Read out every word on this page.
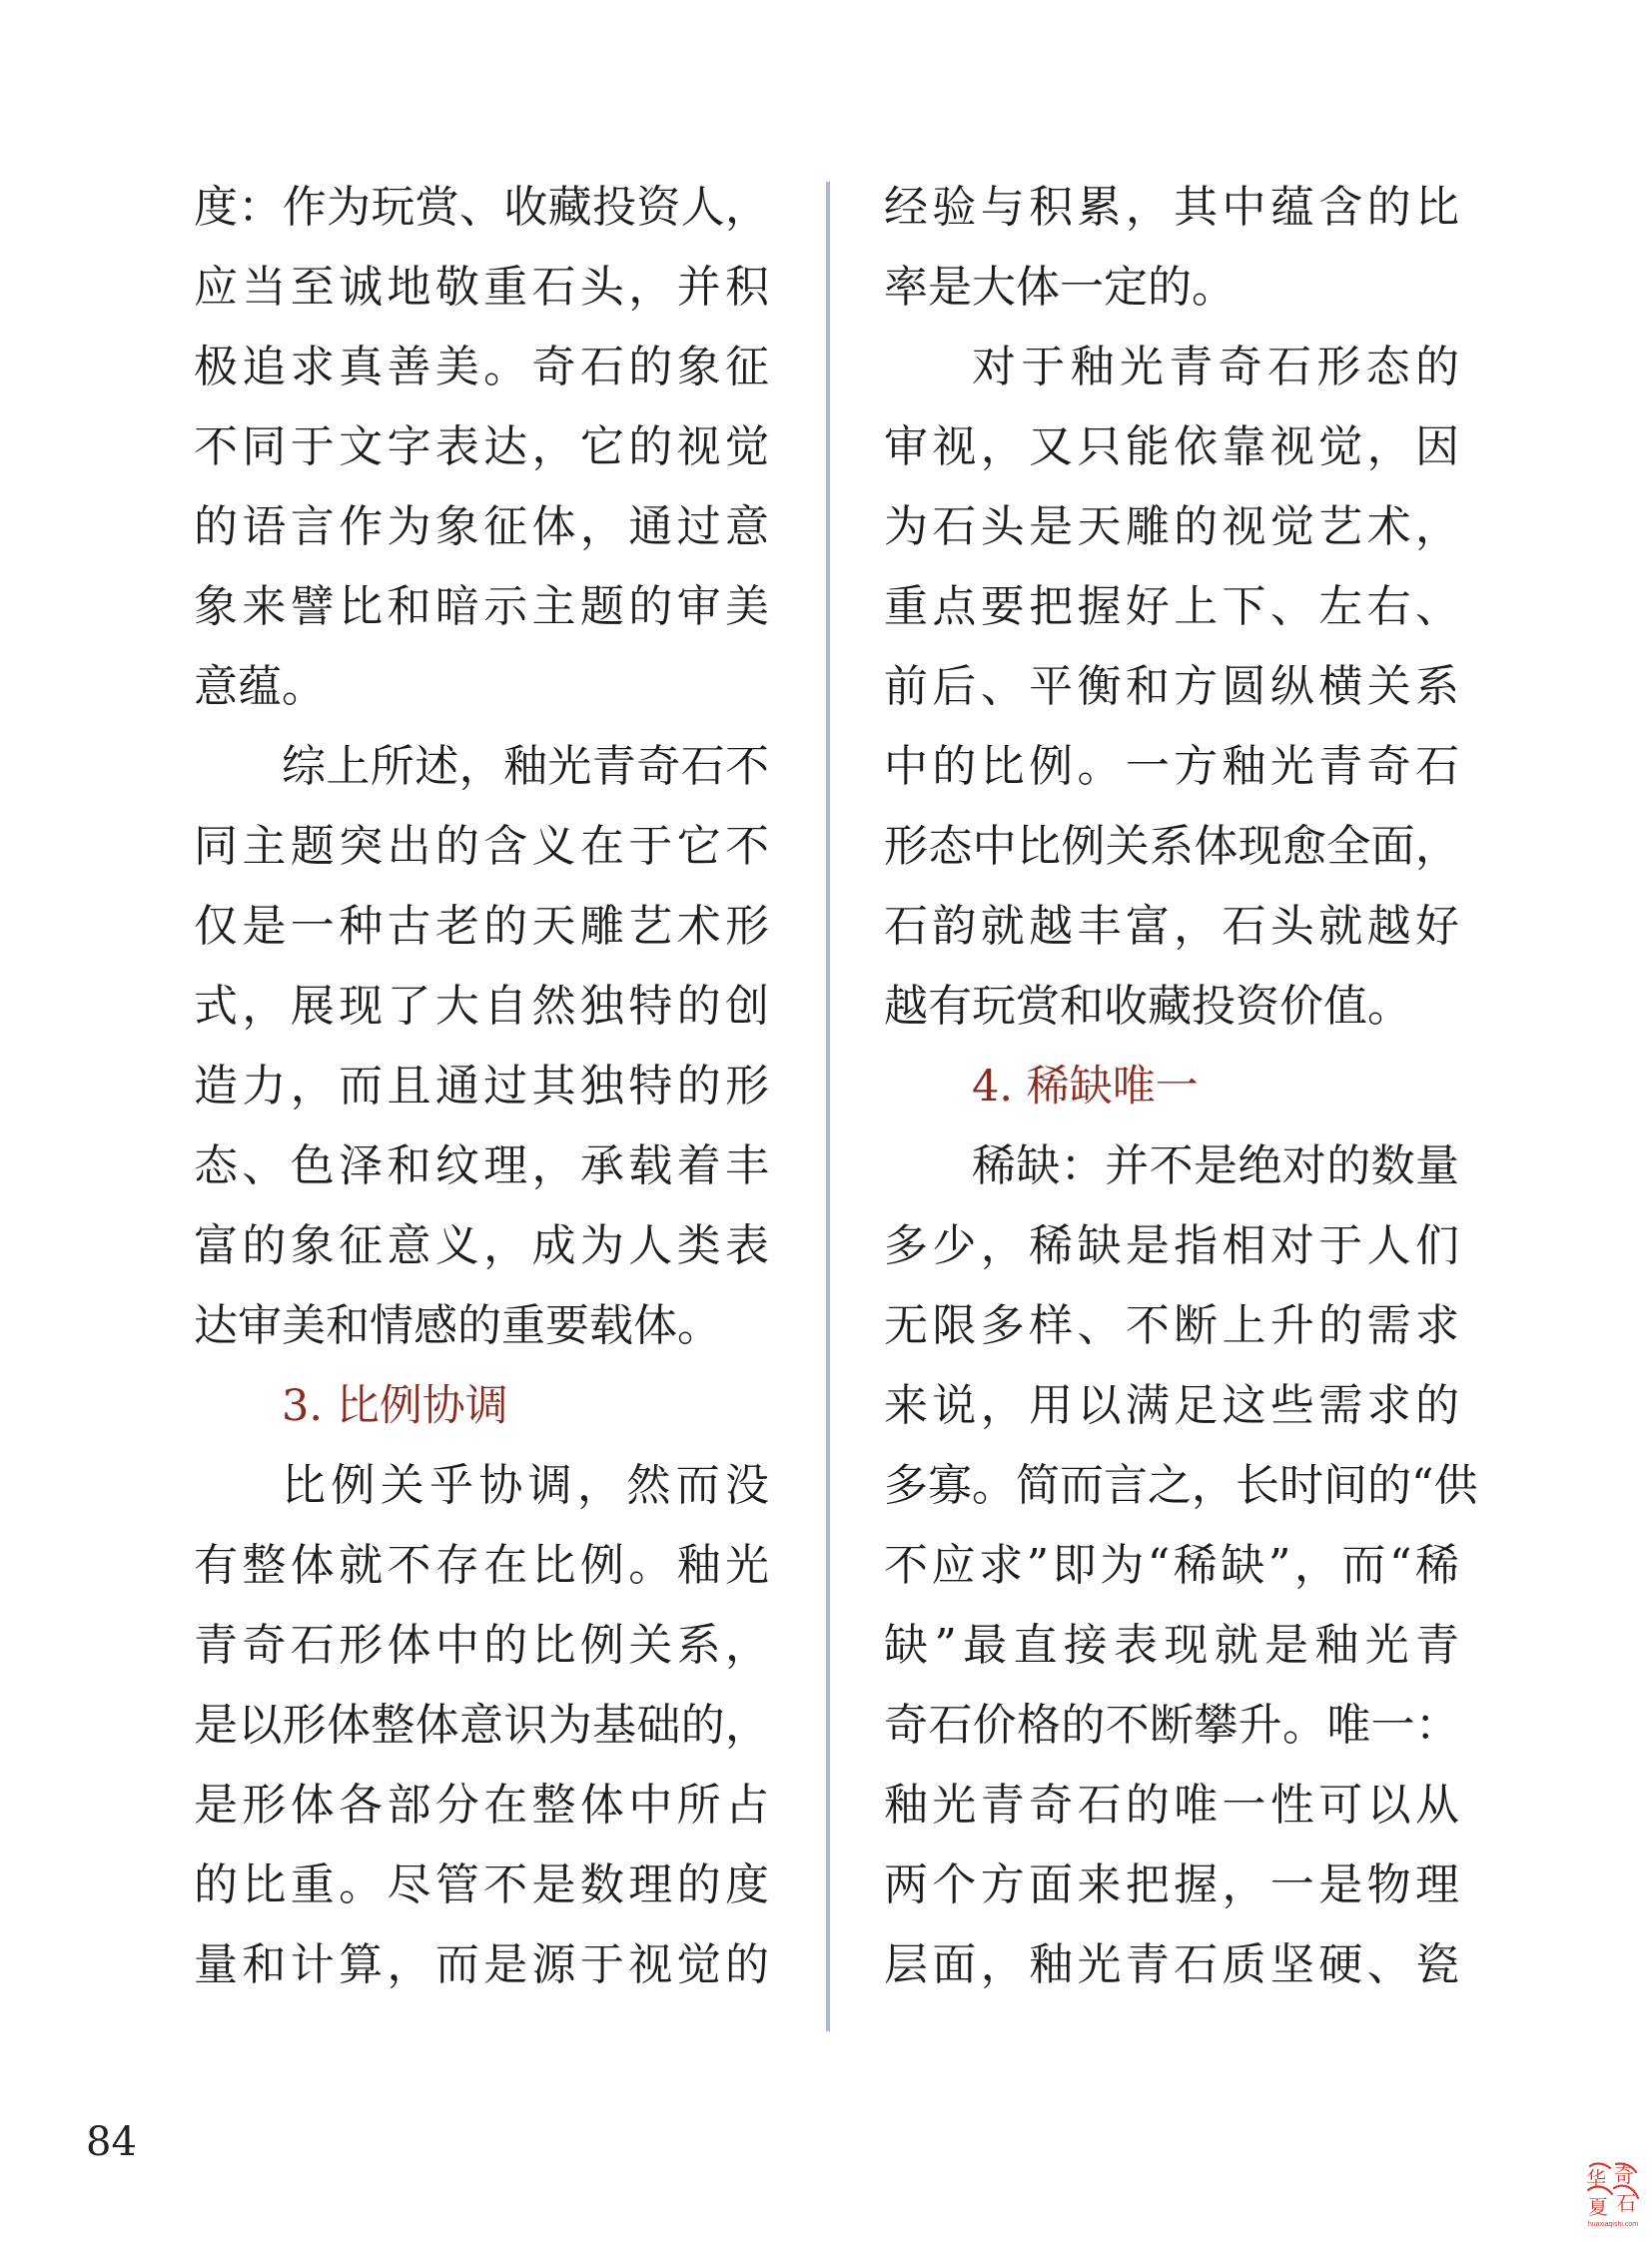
度：作为玩赏、收藏投资人，
应当至诚地敬重石头，并积
极追求真善美。奇石的象征
不同于文字表达，它的视觉
的语言作为象征体，通过意
象来譬比和暗示主题的审美
意蕴。
综上所述，釉光青奇石不
同主题突出的含义在于它不
仅是一种古老的天雕艺术形
式，展现了大自然独特的创
造力，而且通过其独特的形
态、色泽和纹理，承载着丰
富的象征意义，成为人类表
达审美和情感的重要载体。
3. 比例协调
比例关乎协调，然而没
有整体就不存在比例。釉光
青奇石形体中的比例关系，
是以形体整体意识为基础的，
是形体各部分在整体中所占
的比重。尽管不是数理的度
量和计算，而是源于视觉的
经验与积累，其中蕴含的比
率是大体一定的。
对于釉光青奇石形态的
审视，又只能依靠视觉，因
为石头是天雕的视觉艺术，
重点要把握好上下、左右、
前后、平衡和方圆纵横关系
中的比例。一方釉光青奇石
形态中比例关系体现愈全面，
石韵就越丰富，石头就越好
越有玩赏和收藏投资价值。
4. 稀缺唯一
稀缺：并不是绝对的数量
多少，稀缺是指相对于人们
无限多样、不断上升的需求
来说，用以满足这些需求的
多寡。简而言之，长时间的“供
不应求”即为“稀缺”，而“稀
缺”最直接表现就是釉光青
奇石价格的不断攀升。唯一：
釉光青奇石的唯一性可以从
两个方面来把握，一是物理
层面，釉光青石质坚硬、瓷
84
华 奇
夏 石
huaxiaqishi.com
